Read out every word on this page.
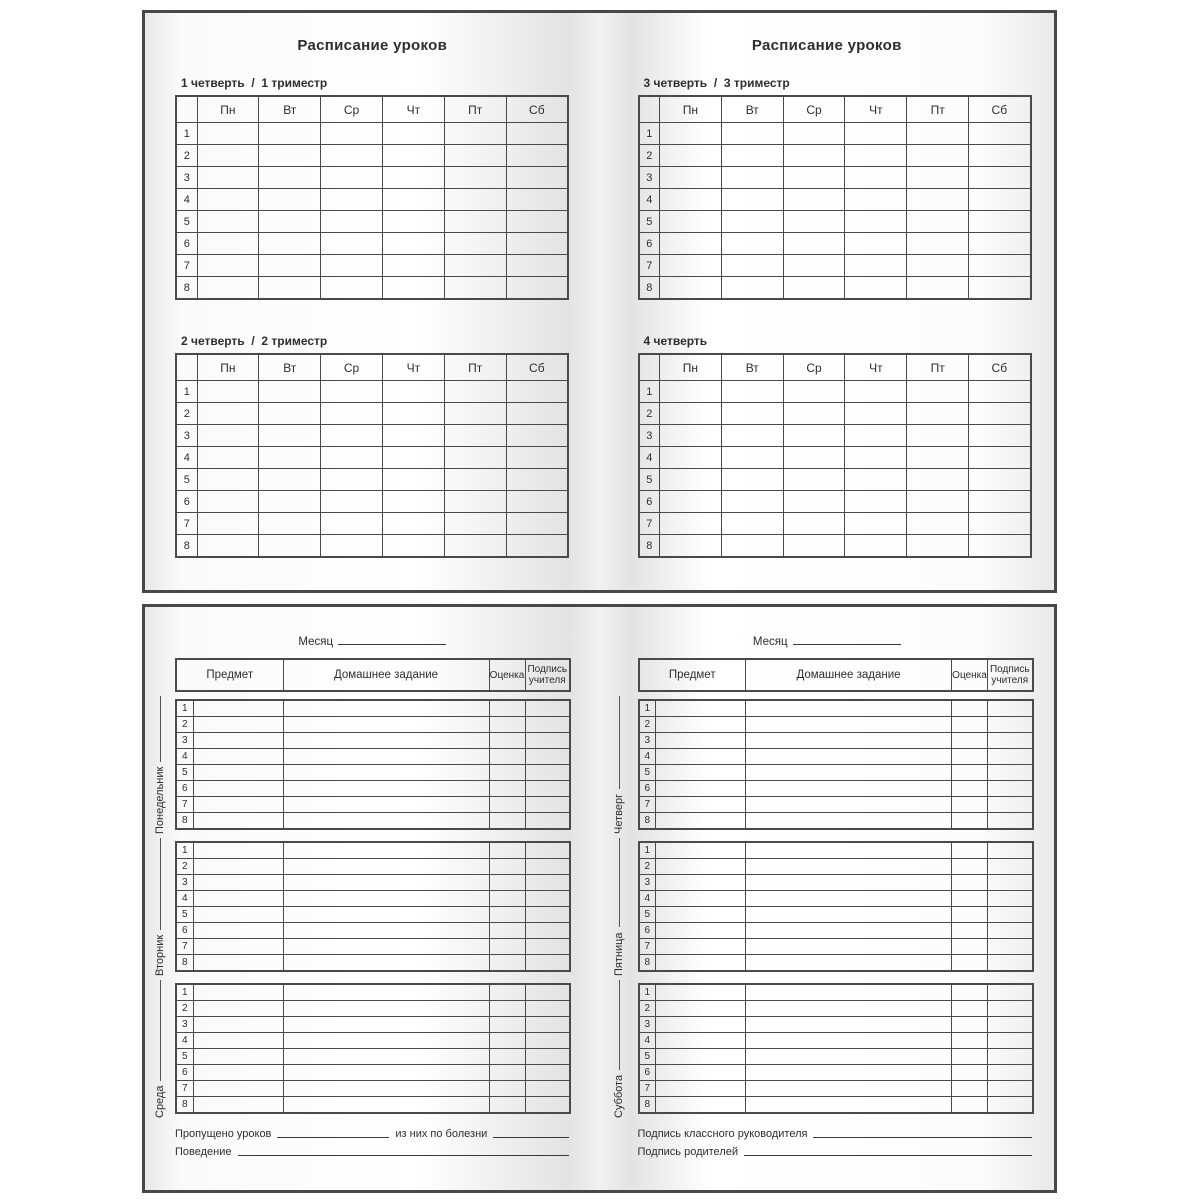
Расписание уроков
1 четверть  /  1 триместр
	Пн	Вт	Ср	Чт	Пт	Сб
1						
2						
3						
4						
5						
6						
7						
8						
2 четверть  /  2 триместр
	Пн	Вт	Ср	Чт	Пт	Сб
1						
2						
3						
4						
5						
6						
7						
8						
Расписание уроков
3 четверть  /  3 триместр
	Пн	Вт	Ср	Чт	Пт	Сб
1						
2						
3						
4						
5						
6						
7						
8						
4 четверть
	Пн	Вт	Ср	Чт	Пт	Сб
1						
2						
3						
4						
5						
6						
7						
8						
Месяц
Предмет	Домашнее задание	Оценка	Подпись учителя
Понедельник
1				
2				
3				
4				
5				
6				
7				
8				
Вторник
1				
2				
3				
4				
5				
6				
7				
8				
Среда
1				
2				
3				
4				
5				
6				
7				
8				
Пропущено уроков	из них по болезни
Поведение
Месяц
Предмет	Домашнее задание	Оценка	Подпись учителя
Четверг
1				
2				
3				
4				
5				
6				
7				
8				
Пятница
1				
2				
3				
4				
5				
6				
7				
8				
Суббота
1				
2				
3				
4				
5				
6				
7				
8				
Подпись классного руководителя
Подпись родителей
